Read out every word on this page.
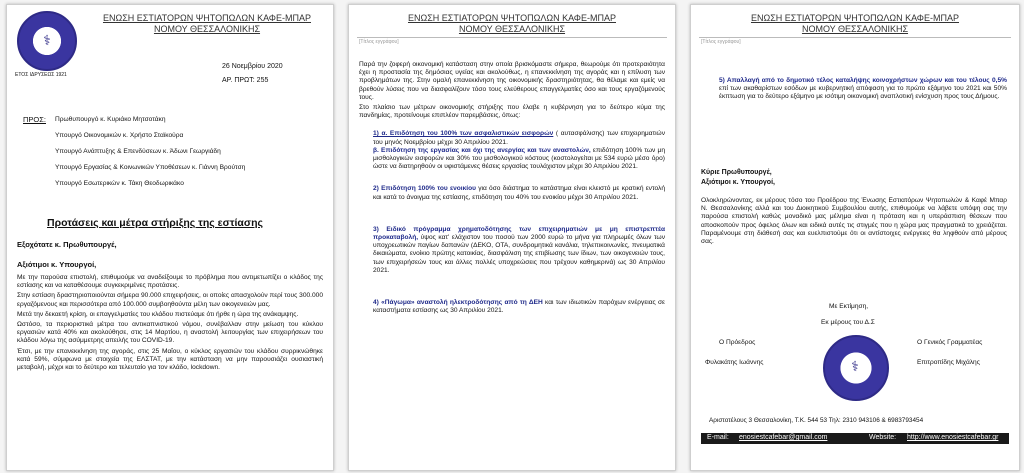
⚕
ΕΤΟΣ ΙΔΡΥΣΕΩΣ 1921
ΕΝΩΣΗ ΕΣΤΙΑΤΟΡΩΝ ΨΗΤΟΠΩΛΩΝ ΚΑΦΕ-ΜΠΑΡ
ΝΟΜΟΥ ΘΕΣΣΑΛΟΝΙΚΗΣ
26 Νοεμβρίου 2020
ΑΡ. ΠΡΩΤ: 255
ΠΡΟΣ: Πρωθυπουργό κ. Κυριάκο Μητσοτάκη
Υπουργό Οικονομικών κ. Χρήστο Σταϊκούρα
Υπουργό Ανάπτυξης & Επενδύσεων κ. Άδωνι Γεωργιάδη
Υπουργό Εργασίας & Κοινωνικών Υποθέσεων κ. Γιάννη Βρούτση
Υπουργό Εσωτερικών κ. Τάκη Θεοδωρικάκο
Προτάσεις και μέτρα στήριξης της εστίασης
Εξοχότατε κ. Πρωθυπουργέ,
Αξιότιμοι κ. Υπουργοί,

Με την παρούσα επιστολή, επιθυμούμε να αναδείξουμε το πρόβλημα που αντιμετωπίζει ο κλάδος της εστίασης και να καταθέσουμε συγκεκριμένες προτάσεις.

Στην εστίαση δραστηριοποιούνται σήμερα 90.000 επιχειρήσεις, οι οποίες απασχολούν περί τους 300.000 εργαζόμενους και περισσότερα από 100.000 συμβοηθούντα μέλη των οικογενειών μας.

Μετά την δεκαετή κρίση, οι επαγγελματίες του κλάδου πιστεύαμε ότι ήρθε η ώρα της ανάκαμψης.

Ωστόσο, τα περιοριστικά μέτρα του αντικαπνιστικού νόμου, συνέβαλλαν στην μείωση του κύκλου εργασιών κατά 40% και ακολούθησε, στις 14 Μαρτίου, η αναστολή λειτουργίας των επιχειρήσεων του κλάδου λόγω της ασύμμετρης απειλής του COVID-19.

Έτσι, με την επανεκκίνηση της αγοράς, στις 25 Μαΐου, ο κύκλος εργασιών του κλάδου συρρικνώθηκε κατά 59%, σύμφωνα με στοιχεία της ΕΛΣΤΑΤ, με την κατάσταση να μην παρουσιάζει ουσιαστική μεταβολή, μέχρι και το δεύτερο και τελευταίο για τον κλάδο, lockdown.

ΕΝΩΣΗ ΕΣΤΙΑΤΟΡΩΝ ΨΗΤΟΠΩΛΩΝ ΚΑΦΕ-ΜΠΑΡ
ΝΟΜΟΥ ΘΕΣΣΑΛΟΝΙΚΗΣ
[Τίτλος εγγράφου]

Παρά την ζοφερή οικονομική κατάσταση στην οποία βρισκόμαστε σήμερα, θεωρούμε ότι προτεραιότητα έχει η προστασία της δημόσιας υγείας και ακολούθως, η επανεκκίνηση της αγοράς και η επίλυση των προβλημάτων της. Στην ομαλή επανεκκίνηση της οικονομικής δραστηριότητας, θα θέλαμε και εμείς να βρεθούν λύσεις που να διασφαλίζουν τόσο τους ελεύθερους επαγγελματίες όσο και τους εργαζόμενούς τους.

Στο πλαίσιο των μέτρων οικονομικής στήριξης που έλαβε η κυβέρνηση για το δεύτερο κύμα της πανδημίας, προτείνουμε επιπλέον παρεμβάσεις, όπως:

1) α. Επιδότηση του 100% των ασφαλιστικών εισφορών ( αυτασφάλισης) των επιχειρηματιών του μηνός Νοεμβρίου μέχρι 30 Απριλίου 2021.
β. Επιδότηση της εργασίας και όχι της ανεργίας και των αναστολών, επιδότηση 100% των μη μισθολογικών εισφορών και 30% του μισθολογικού κόστους (κοστολογείται με 534 ευρώ μέσο όρο) ώστε να διατηρηθούν οι υφιστάμενες θέσεις εργασίας τουλάχιστον μέχρι 30 Απριλίου 2021.

2) Επιδότηση 100% του ενοικίου για όσο διάστημα το κατάστημα είναι κλειστό με κρατική εντολή και κατά το άνοιγμα της εστίασης, επιδότηση του 40% του ενοικίου μέχρι 30 Απριλίου 2021.

3) Ειδικό πρόγραμμα χρηματοδότησης των επιχειρηματιών με μη επιστρεπτέα προκαταβολή, ύψος κατ' ελάχιστον του ποσού των 2000 ευρώ το μήνα για πληρωμές όλων των υποχρεωτικών παγίων δαπανών (ΔΕΚΟ, ΟΤΑ, συνδρομητικά κανάλια, τηλεπικοινωνίες, πνευματικά δικαιώματα, ενοίκιο πρώτης κατοικίας, διασφάλιση της επιβίωσης των ίδιων, των οικογενειών τους, των επιχειρήσεών τους και άλλες πολλές υποχρεώσεις που τρέχουν καθημερινά) ως 30 Απριλίου 2021.

4) «Πάγωμα» αναστολή ηλεκτροδότησης από τη ΔΕΗ και των ιδιωτικών παρόχων ενέργειας σε καταστήματα εστίασης ως 30 Απριλίου 2021.

ΕΝΩΣΗ ΕΣΤΙΑΤΟΡΩΝ ΨΗΤΟΠΩΛΩΝ ΚΑΦΕ-ΜΠΑΡ
ΝΟΜΟΥ ΘΕΣΣΑΛΟΝΙΚΗΣ
[Τίτλος εγγράφου]
5) Απαλλαγή από το δημοτικό τέλος καταλήψης κοινοχρήστων χώρων και του τέλους 0,5% επί των ακαθαρίστων εσόδων με κυβερνητική απόφαση για το πρώτο εξάμηνο του 2021 και 50% έκπτωση για το δεύτερο εξάμηνο με ισότιμη οικονομική αναπλοτική ενίσχυση προς τους Δήμους.
Κύριε Πρωθυπουργέ,
Αξιότιμοι κ. Υπουργοί,
Ολοκληρώνοντας, εκ μέρους τόσο του Προέδρου της Ένωσης Εστιατόρων Ψητοπωλών & Καφέ Μπαρ Ν. Θεσσαλονίκης αλλά και του Διοικητικού Συμβουλίου αυτής, επιθυμούμε να λάβετε υπόψη σας την παρούσα επιστολή καθώς μοναδικό μας μέλημα είναι η πρόταση και η υπεράσπιση θέσεων που αποσκοπούν προς όφελος όλων και ειδικά αυτές τις στιγμές που η χώρα μας πραγματικά το χρειάζεται. Παραμένουμε στη διάθεσή σας και ευελπιστούμε ότι οι αντίστοιχες ενέργειες θα ληφθούν από μέρους σας.
Με Εκτίμηση,
Εκ μέρους του Δ.Σ
Ο Πρόεδρος
Φυλακάτης Ιωάννης
Ο Γενικός Γραμματέας
Επιτροπίδης Μιχάλης
⚕
Αριστοτέλους 3 Θεσσαλονίκη, Τ.Κ. 544 53 Τηλ: 2310 943106 & 6983793454
E-mail: enosiestcafebar@gmail.com	Website: http://www.enosiestcafebar.gr
